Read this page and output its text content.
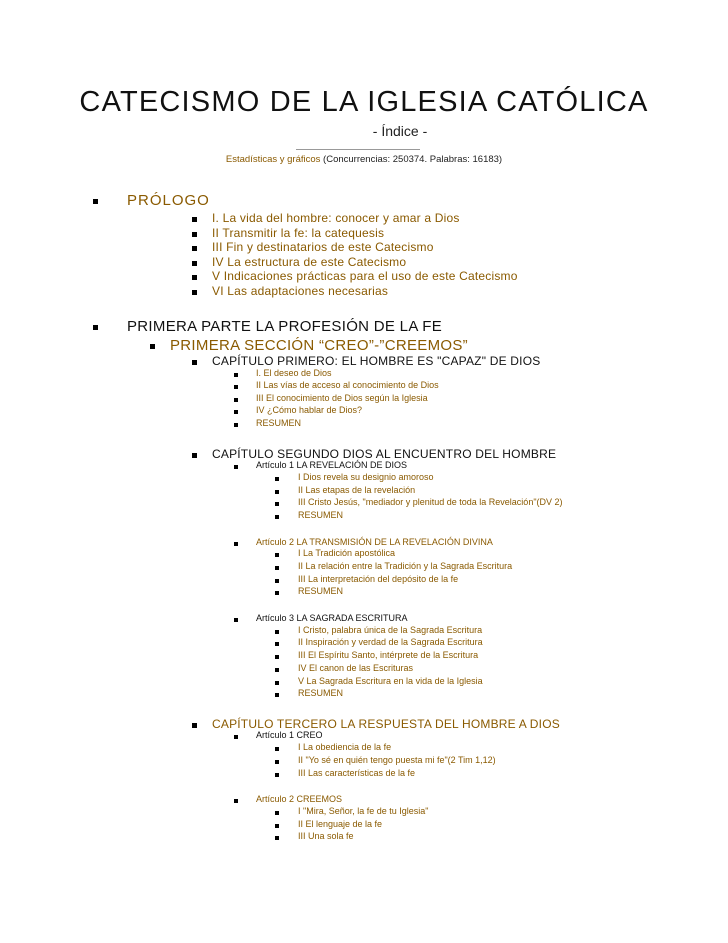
CATECISMO DE LA IGLESIA CATÓLICA
- Índice -
Estadísticas y gráficos (Concurrencias: 250374. Palabras: 16183)
PRÓLOGO
I. La vida del hombre: conocer y amar a Dios
II Transmitir la fe: la catequesis
III Fin y destinatarios de este Catecismo
IV La estructura de este Catecismo
V Indicaciones prácticas para el uso de este Catecismo
VI Las adaptaciones necesarias
PRIMERA PARTE LA PROFESIÓN DE LA FE
PRIMERA SECCIÓN “CREO”-”CREEMOS”
CAPÍTULO PRIMERO: EL HOMBRE ES "CAPAZ" DE DIOS
I. El deseo de Dios
II Las vías de acceso al conocimiento de Dios
III El conocimiento de Dios según la Iglesia
IV ¿Cómo hablar de Dios?
RESUMEN
CAPÍTULO SEGUNDO DIOS AL ENCUENTRO DEL HOMBRE
Artículo 1 LA REVELACIÓN DE DIOS
I Dios revela su designio amoroso
II Las etapas de la revelación
III Cristo Jesús, "mediador y plenitud de toda la Revelación"(DV 2)
RESUMEN
Artículo 2 LA TRANSMISIÓN DE LA REVELACIÓN DIVINA
I La Tradición apostólica
II La relación entre la Tradición y la Sagrada Escritura
III La interpretación del depósito de la fe
RESUMEN
Artículo 3 LA SAGRADA ESCRITURA
I Cristo, palabra única de la Sagrada Escritura
II Inspiración y verdad de la Sagrada Escritura
III El Espíritu Santo, intérprete de la Escritura
IV El canon de las Escrituras
V La Sagrada Escritura en la vida de la Iglesia
RESUMEN
CAPÍTULO TERCERO LA RESPUESTA DEL HOMBRE A DIOS
Artículo 1 CREO
I La obediencia de la fe
II "Yo sé en quién tengo puesta mi fe"(2 Tim 1,12)
III Las características de la fe
Artículo 2 CREEMOS
I "Mira, Señor, la fe de tu Iglesia"
II El lenguaje de la fe
III Una sola fe
